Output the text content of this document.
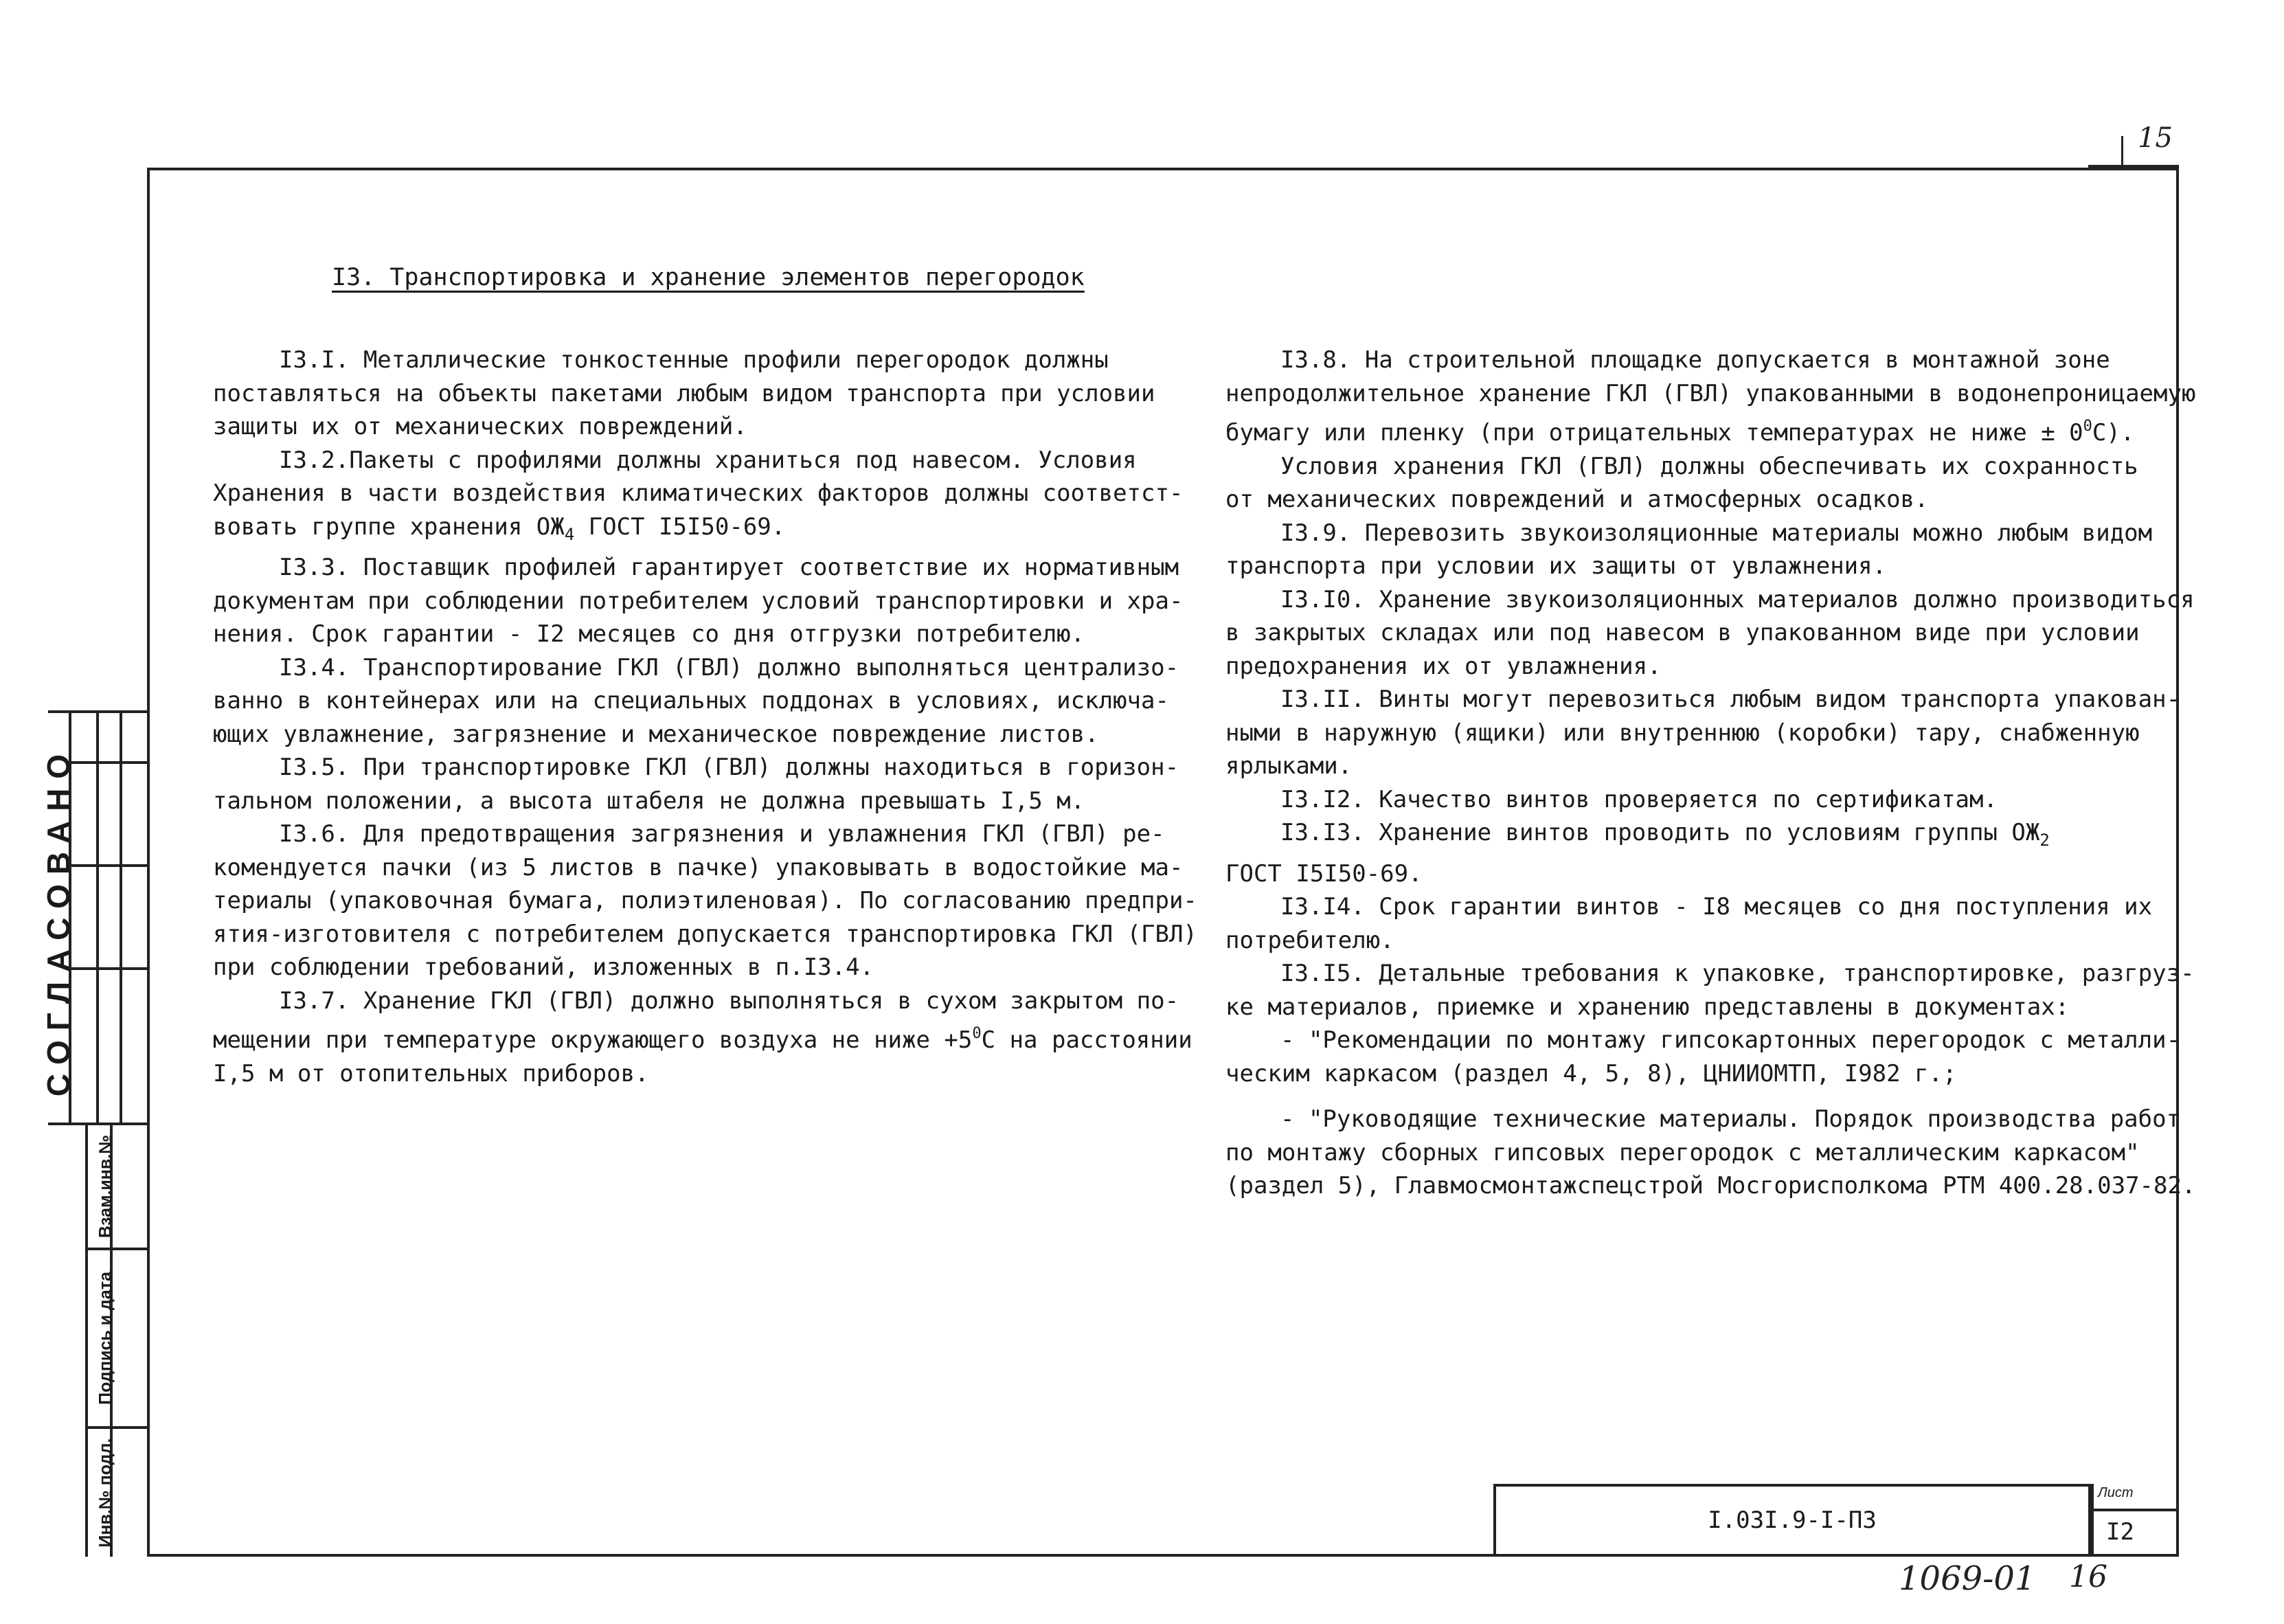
15
I3. Транспортировка и хранение элементов перегородок

I3.I. Металлические тонкостенные профили перегородок должны

поставляться на объекты пакетами любым видом транспорта при условии

защиты их от механических повреждений.

I3.2.Пакеты с профилями должны храниться под навесом. Условия

Хранения в части воздействия климатических факторов должны соответст-

вовать группе хранения $ОЖ_4$ ГОСТ I5I50-69.

I3.3. Поставщик профилей гарантирует соответствие их нормативным

документам при соблюдении потребителем условий транспортировки и хра-

нения. Срок гарантии - I2 месяцев со дня отгрузки потребителю.

I3.4. Транспортирование ГКЛ (ГВЛ) должно выполняться централизо-

ванно в контейнерах или на специальных поддонах в условиях, исключа-

ющих увлажнение, загрязнение и механическое повреждение листов.

I3.5. При транспортировке ГКЛ (ГВЛ) должны находиться в горизон-

тальном положении, а высота штабеля не должна превышать I,5 м.

I3.6. Для предотвращения загрязнения и увлажнения ГКЛ (ГВЛ) ре-

комендуется пачки (из 5 листов в пачке) упаковывать в водостойкие ма-

териалы (упаковочная бумага, полиэтиленовая). По согласованию предпри-

ятия-изготовителя с потребителем допускается транспортировка ГКЛ (ГВЛ)

при соблюдении требований, изложенных в п.I3.4.

I3.7. Хранение ГКЛ (ГВЛ) должно выполняться в сухом закрытом по-

мещении при температуре окружающего воздуха не ниже $+5^0С$ на расстоянии

I,5 м от отопительных приборов.

I3.8. На строительной площадке допускается в монтажной зоне

непродолжительное хранение ГКЛ (ГВЛ) упакованными в водонепроницаемую

бумагу или пленку (при отрицательных температурах не ниже ± $0^0С$).

Условия хранения ГКЛ (ГВЛ) должны обеспечивать их сохранность

от механических повреждений и атмосферных осадков.

I3.9. Перевозить звукоизоляционные материалы можно любым видом

транспорта при условии их защиты от увлажнения.

I3.I0. Хранение звукоизоляционных материалов должно производиться

в закрытых складах или под навесом в упакованном виде при условии

предохранения их от увлажнения.

I3.II. Винты могут перевозиться любым видом транспорта упакован-

ными в наружную (ящики) или внутреннюю (коробки) тару, снабженную

ярлыками.

I3.I2. Качество винтов проверяется по сертификатам.

I3.I3. Хранение винтов проводить по условиям группы $ОЖ_2$

ГОСТ I5I50-69.

I3.I4. Срок гарантии винтов - I8 месяцев со дня поступления их

потребителю.

I3.I5. Детальные требования к упаковке, транспортировке, разгруз-

ке материалов, приемке и хранению представлены в документах:

- "Рекомендации по монтажу гипсокартонных перегородок с металли-

ческим каркасом (раздел 4, 5, 8), ЦНИИОМТП, I982 г.;

- "Руководящие технические материалы. Порядок производства работ

по монтажу сборных гипсовых перегородок с металлическим каркасом"

(раздел 5), Главмосмонтажспецстрой Мосгорисполкома РТМ 400.28.037-82.

СОГЛАСОВАНО
Взам.инв.№
Подпись и дата
Инв.№ подл.	I.03I.9-I-ПЗ
Лист
I2
1069-01 16
